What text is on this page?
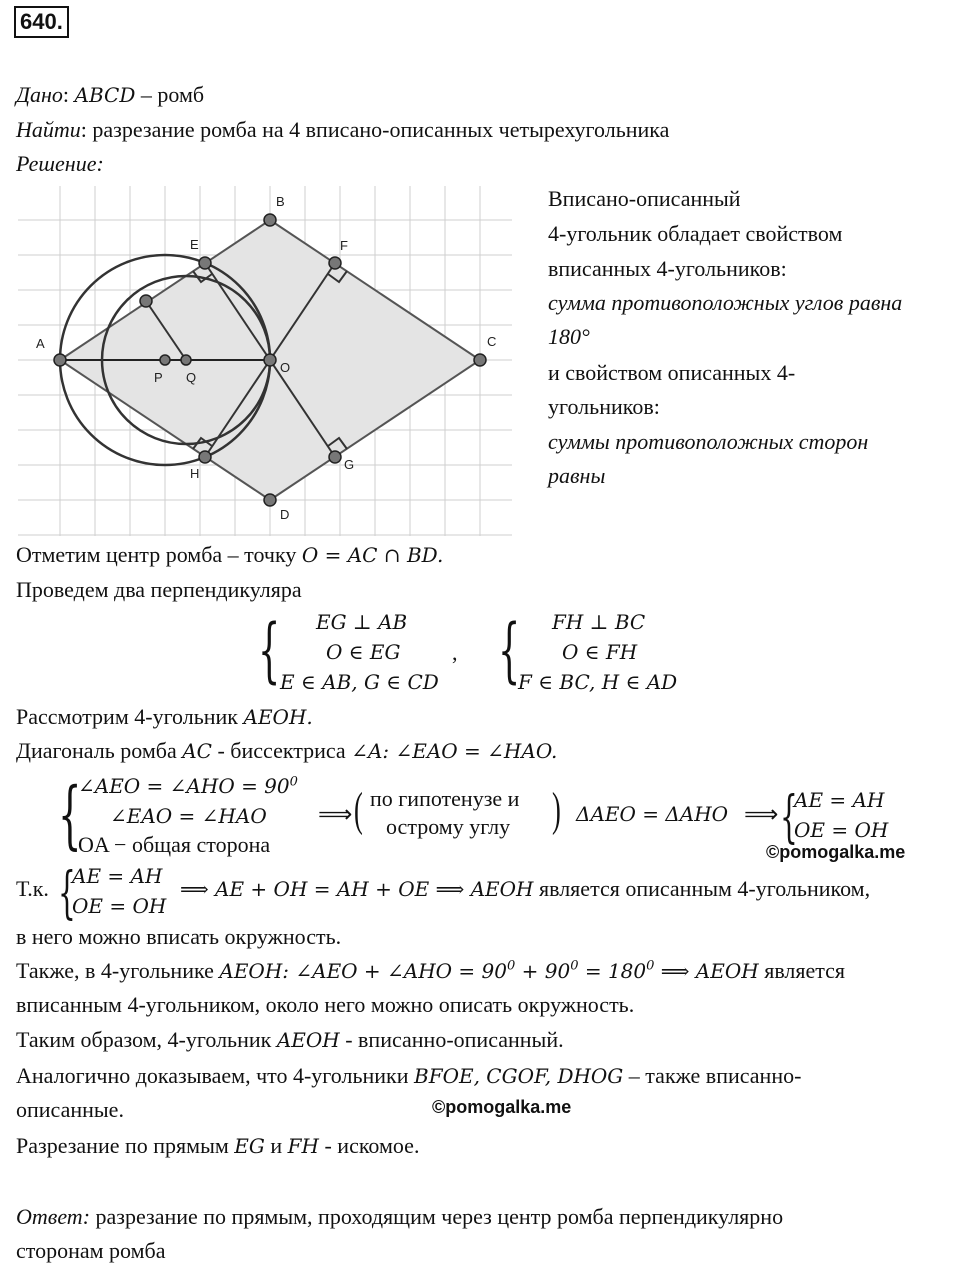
640.
Дано: ABCD – ромб
Найти: разрезание ромба на 4 вписано-описанных четырехугольника
Решение:
A
B
C
D
E	F
G
H
O
P Q
Вписано-описанный
4-угольник обладает свойством
вписанных 4-угольников:
сумма противоположных углов равна
180°
и свойством описанных 4-
угольников:
суммы противоположных сторон
равны
Отметим центр ромба – точку O = AC ∩ BD.
Проведем два перпендикуляра
{ EG ⊥ AB
O ∈ EG
E ∈ AB, G ∈ CD
, { FH ⊥ BC
O ∈ FH
F ∈ BC, H ∈ AD
Рассмотрим 4-угольник AEOH.
Диагональ ромба AC - биссектриса ∠A: ∠EAO = ∠HAO.
{
∠AEO = ∠AHO = $90^0$
∠EAO = ∠HAO
OA − общая сторона
⟹ ( по гипотенузе и
острому углу ) ΔAEO = ΔAHO ⟹ {
AE = AH
OE = OH
©pomogalka.me
Т.к. {
AE = AH
OE = OH
⟹ AE + OH = AH + OE ⟹ AEOH является описанным 4-угольником,
в него можно вписать окружность.
Также, в 4-угольнике AEOH: ∠AEO + ∠AHO = $90^0 + 90^0 = 180^0$ ⟹ AEOH является
вписанным 4-угольником, около него можно описать окружность.
Таким образом, 4-угольник AEOH - вписанно-описанный.
Аналогично доказываем, что 4-угольники BFOE, CGOF, DHOG – также вписанно-
описанные.	©pomogalka.me
Разрезание по прямым EG и FH - искомое.
Ответ: разрезание по прямым, проходящим через центр ромба перпендикулярно
сторонам ромба
